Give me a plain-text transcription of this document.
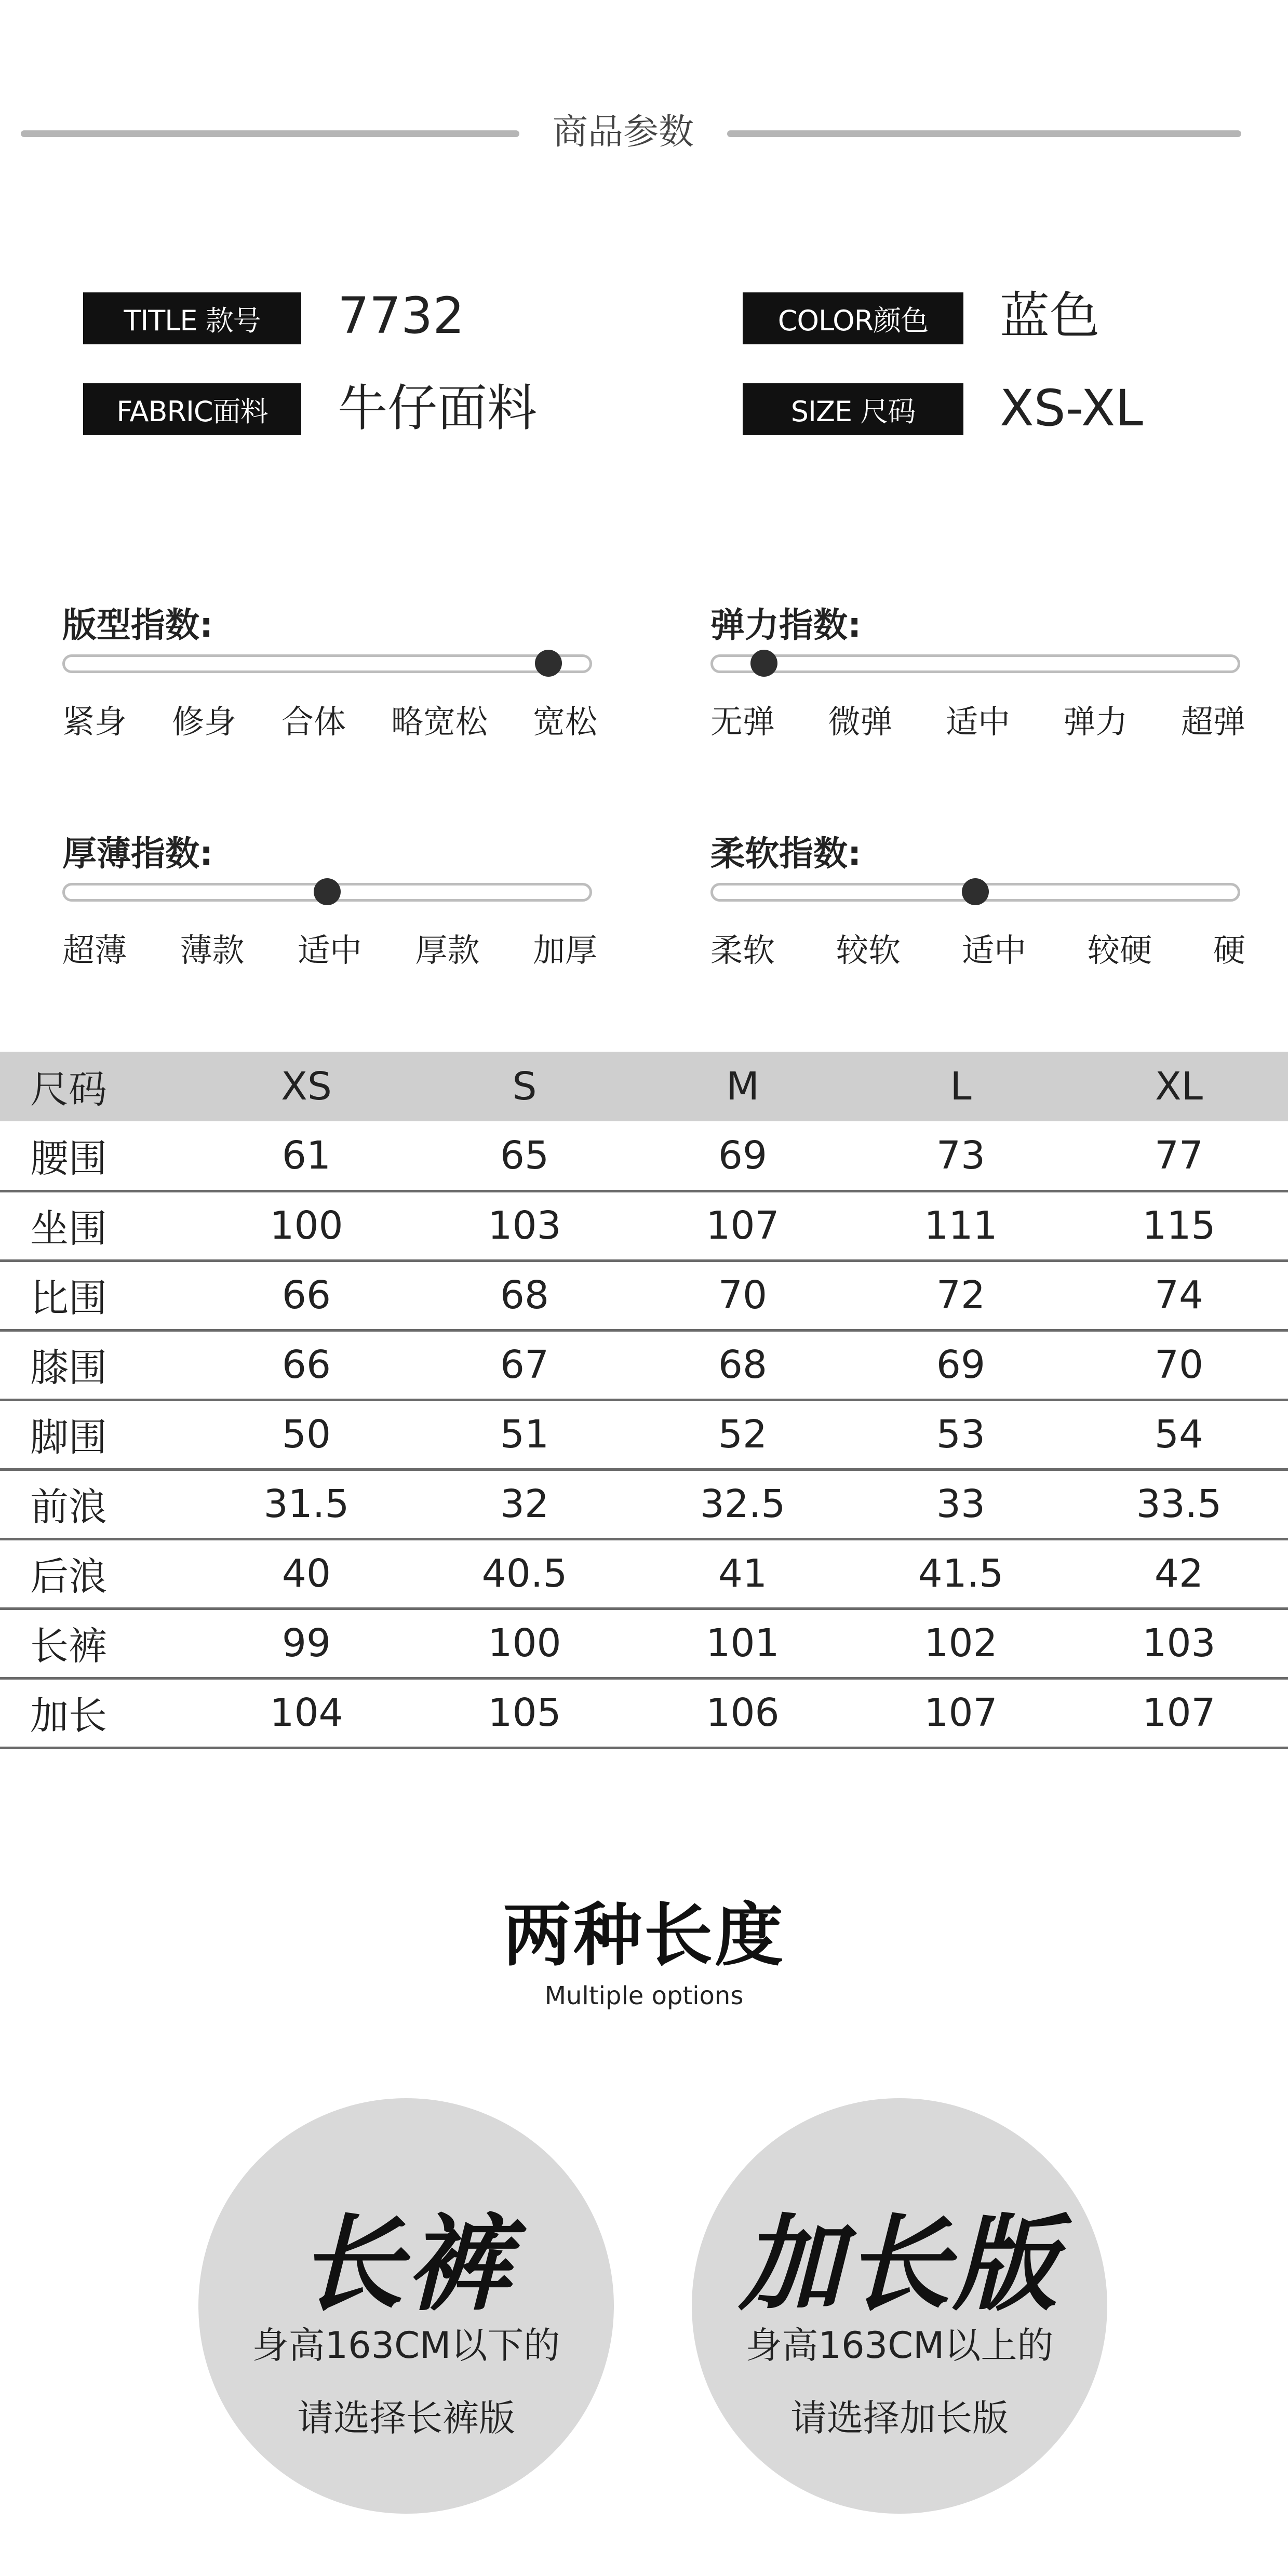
商品参数
TITLE 款号	7732
FABRIC面料	牛仔面料
COLOR颜色	蓝色
SIZE 尺码	XS-XL
版型指数:
紧身 修身 合体 略宽松 宽松
弹力指数:
无弹 微弹 适中 弹力 超弹
厚薄指数:
超薄 薄款 适中 厚款 加厚
柔软指数:
柔软 较软 适中 较硬 硬
尺码	XS	S	M	L	XL
腰围	61	65	69	73	77
坐围	100	103	107	111	115
比围	66	68	70	72	74
膝围	66	67	68	69	70
脚围	50	51	52	53	54
前浪	31.5	32	32.5	33	33.5
后浪	40	40.5	41	41.5	42
长裤	99	100	101	102	103
加长	104	105	106	107	107
两种长度
Multiple options
长裤
身高163CM以下的
请选择长裤版
加长版
身高163CM以上的
请选择加长版
